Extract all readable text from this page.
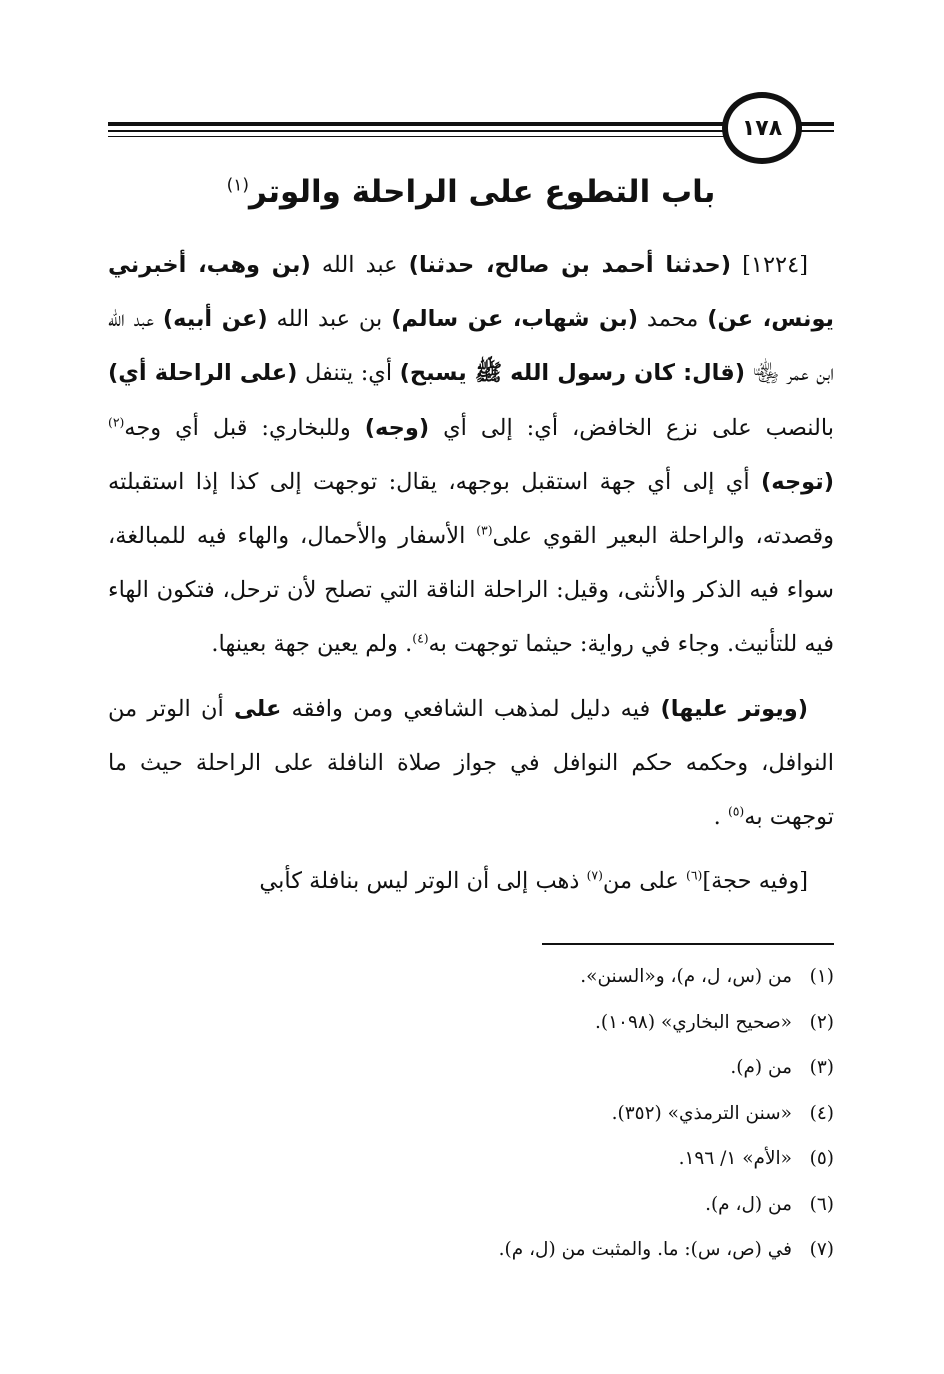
١٧٨
باب التطوع على الراحلة والوتر$^{(١)}$

[١٢٢٤] (حدثنا أحمد بن صالح، حدثنا) عبد الله (بن وهب، أخبرني يونس، عن) محمد (بن شهاب، عن سالم) بن عبد الله (عن أبيه) عبد الله ابن عمر ﵄ (قال: كان رسول الله ﷺ يسبح) أي: يتنفل (على الراحلة أي) بالنصب على نزع الخافض، أي: إلى أي (وجه) وللبخاري: قبل أي وجه$^{(٢)}$ (توجه) أي إلى أي جهة استقبل بوجهه، يقال: توجهت إلى كذا إذا استقبلته وقصدته، والراحلة البعير القوي على$^{(٣)}$ الأسفار والأحمال، والهاء فيه للمبالغة، سواء فيه الذكر والأنثى، وقيل: الراحلة الناقة التي تصلح لأن ترحل، فتكون الهاء فيه للتأنيث. وجاء في رواية: حيثما توجهت به$^{(٤)}$. ولم يعين جهة بعينها.

(ويوتر عليها) فيه دليل لمذهب الشافعي ومن وافقه على أن الوتر من النوافل، وحكمه حكم النوافل في جواز صلاة النافلة على الراحلة حيث ما توجهت به$^{(٥)}$ .

[وفيه حجة]$^{(٦)}$ على من$^{(٧)}$ ذهب إلى أن الوتر ليس بنافلة كأبي

(١)من (س، ل، م)، و«السنن».
(٢)«صحيح البخاري» (١٠٩٨).
(٣)من (م).
(٤)«سنن الترمذي» (٣٥٢).
(٥)«الأم» ١/ ١٩٦.
(٦)من (ل، م).
(٧)في (ص، س): ما. والمثبت من (ل، م).
